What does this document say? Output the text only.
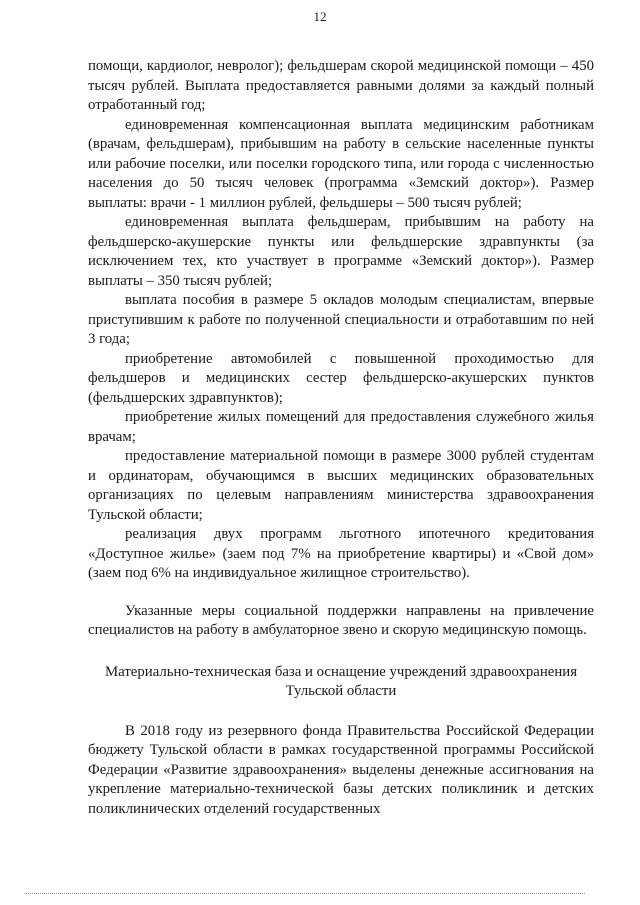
12

помощи, кардиолог, невролог); фельдшерам скорой медицинской помощи – 450 тысяч рублей. Выплата предоставляется равными долями за каждый полный отработанный год;

единовременная компенсационная выплата медицинским работникам (врачам, фельдшерам), прибывшим на работу в сельские населенные пункты или рабочие поселки, или поселки городского типа, или города с численностью населения до 50 тысяч человек (программа «Земский доктор»). Размер выплаты: врачи - 1 миллион рублей, фельдшеры – 500 тысяч рублей;

единовременная выплата фельдшерам, прибывшим на работу на фельдшерско-акушерские пункты или фельдшерские здравпункты (за исключением тех, кто участвует в программе «Земский доктор»). Размер выплаты – 350 тысяч рублей;

выплата пособия в размере 5 окладов молодым специалистам, впервые приступившим к работе по полученной специальности и отработавшим по ней 3 года;

приобретение автомобилей с повышенной проходимостью для фельдшеров и медицинских сестер фельдшерско-акушерских пунктов (фельдшерских здравпунктов);

приобретение жилых помещений для предоставления служебного жилья врачам;

предоставление материальной помощи в размере 3000 рублей студентам и ординаторам, обучающимся в высших медицинских образовательных организациях по целевым направлениям министерства здравоохранения Тульской области;

реализация двух программ льготного ипотечного кредитования «Доступное жилье» (заем под 7% на приобретение квартиры) и «Свой дом» (заем под 6% на индивидуальное жилищное строительство).

Указанные меры социальной поддержки направлены на привлечение специалистов на работу в амбулаторное звено и скорую медицинскую помощь.

Материально-техническая база и оснащение учреждений здравоохранения Тульской области

В 2018 году из резервного фонда Правительства Российской Федерации бюджету Тульской области в рамках государственной программы Российской Федерации «Развитие здравоохранения» выделены денежные ассигнования на укрепление материально-технической базы детских поликлиник и детских поликлинических отделений государственных
